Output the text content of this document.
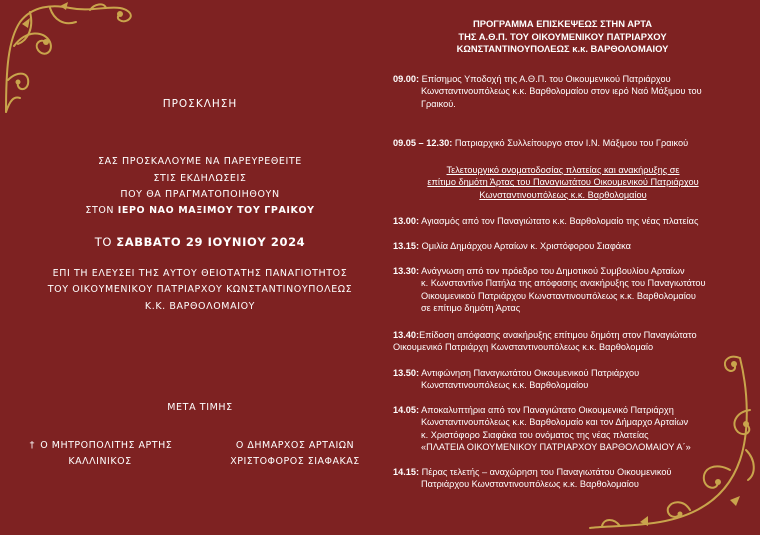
ΠΡΟΣΚΛΗΣΗ
ΣΑΣ ΠΡΟΣΚΑΛΟΥΜΕ ΝΑ ΠΑΡΕΥΡΕΘΕΙΤΕ
ΣΤΙΣ ΕΚΔΗΛΩΣΕΙΣ
ΠΟΥ ΘΑ ΠΡΑΓΜΑΤΟΠΟΙΗΘΟΥΝ
ΣΤΟΝ ΙΕΡΟ ΝΑΟ ΜΑΞΙΜΟΥ ΤΟΥ ΓΡΑΙΚΟΥ
ΤΟ ΣΑΒΒΑΤΟ 29 ΙΟΥΝΙΟΥ 2024
ΕΠΙ ΤΗ ΕΛΕΥΣΕΙ ΤΗΣ ΑΥΤΟΥ ΘΕΙΟΤΑΤΗΣ ΠΑΝΑΓΙΟΤΗΤΟΣ
ΤΟΥ ΟΙΚΟΥΜΕΝΙΚΟΥ ΠΑΤΡΙΑΡΧΟΥ ΚΩΝΣΤΑΝΤΙΝΟΥΠΟΛΕΩΣ
Κ.Κ. ΒΑΡΘΟΛΟΜΑΙΟΥ
ΜΕΤΑ ΤΙΜΗΣ
† Ο ΜΗΤΡΟΠΟΛΙΤΗΣ ΑΡΤΗΣ
ΚΑΛΛΙΝΙΚΟΣ
Ο ΔΗΜΑΡΧΟΣ ΑΡΤΑΙΩΝ
ΧΡΙΣΤΟΦΟΡΟΣ ΣΙΑΦΑΚΑΣ
ΠΡΟΓΡΑΜΜΑ ΕΠΙΣΚΕΨΕΩΣ ΣΤΗΝ ΑΡΤΑ
ΤΗΣ Α.Θ.Π. ΤΟΥ ΟΙΚΟΥΜΕΝΙΚΟΥ ΠΑΤΡΙΑΡΧΟΥ
ΚΩΝΣΤΑΝΤΙΝΟΥΠΟΛΕΩΣ κ.κ. ΒΑΡΘΟΛΟΜΑΙΟΥ
09.00: Επίσημος Υποδοχή της Α.Θ.Π. του Οικουμενικού Πατριάρχου
Κωνσταντινουπόλεως κ.κ. Βαρθολομαίου στον ιερό Ναό Μάξιμου του
Γραικού.
09.05 – 12.30: Πατριαρχικό Συλλείτουργο στον Ι.Ν. Μάξιμου του Γραικού
Τελετουργικό ονοματοδοσίας πλατείας και ανακήρυξης σε
επίτιμο δημότη Άρτας του Παναγιωτάτου Οικουμενικού Πατριάρχου
Κωνσταντινουπόλεως κ.κ. Βαρθολομαίου
13.00: Αγιασμός από τον Παναγιώτατο κ.κ. Βαρθολομαίο της νέας πλατείας
13.15: Ομιλία Δημάρχου Αρταίων κ. Χριστόφορου Σιαφάκα
13.30: Ανάγνωση από τον πρόεδρο του Δημοτικού Συμβουλίου Αρταίων
κ. Κωνσταντίνο Πατήλα της απόφασης ανακήρυξης του Παναγιωτάτου
Οικουμενικού Πατριάρχου Κωνσταντινουπόλεως κ.κ. Βαρθολομαίου
σε επίτιμο δημότη Άρτας
13.40:Επίδοση απόφασης ανακήρυξης επίτιμου δημότη στον Παναγιώτατο
Οικουμενικό Πατριάρχη Κωνσταντινουπόλεως κ.κ. Βαρθολομαίο
13.50: Αντιφώνηση Παναγιωτάτου Οικουμενικού Πατριάρχου
Κωνσταντινουπόλεως κ.κ. Βαρθολομαίου
14.05: Αποκαλυπτήρια από τον Παναγιώτατο Οικουμενικό Πατριάρχη
Κωνσταντινουπόλεως κ.κ. Βαρθολομαίο και τον Δήμαρχο Αρταίων
κ. Χριστόφορο Σιαφάκα του ονόματος της νέας πλατείας
«ΠΛΑΤΕΙΑ ΟΙΚΟΥΜΕΝΙΚΟΥ ΠΑΤΡΙΑΡΧΟΥ ΒΑΡΘΟΛΟΜΑΙΟΥ Α΄»
14.15: Πέρας τελετής – αναχώρηση του Παναγιωτάτου Οικουμενικού
Πατριάρχου Κωνσταντινουπόλεως κ.κ. Βαρθολομαίου
